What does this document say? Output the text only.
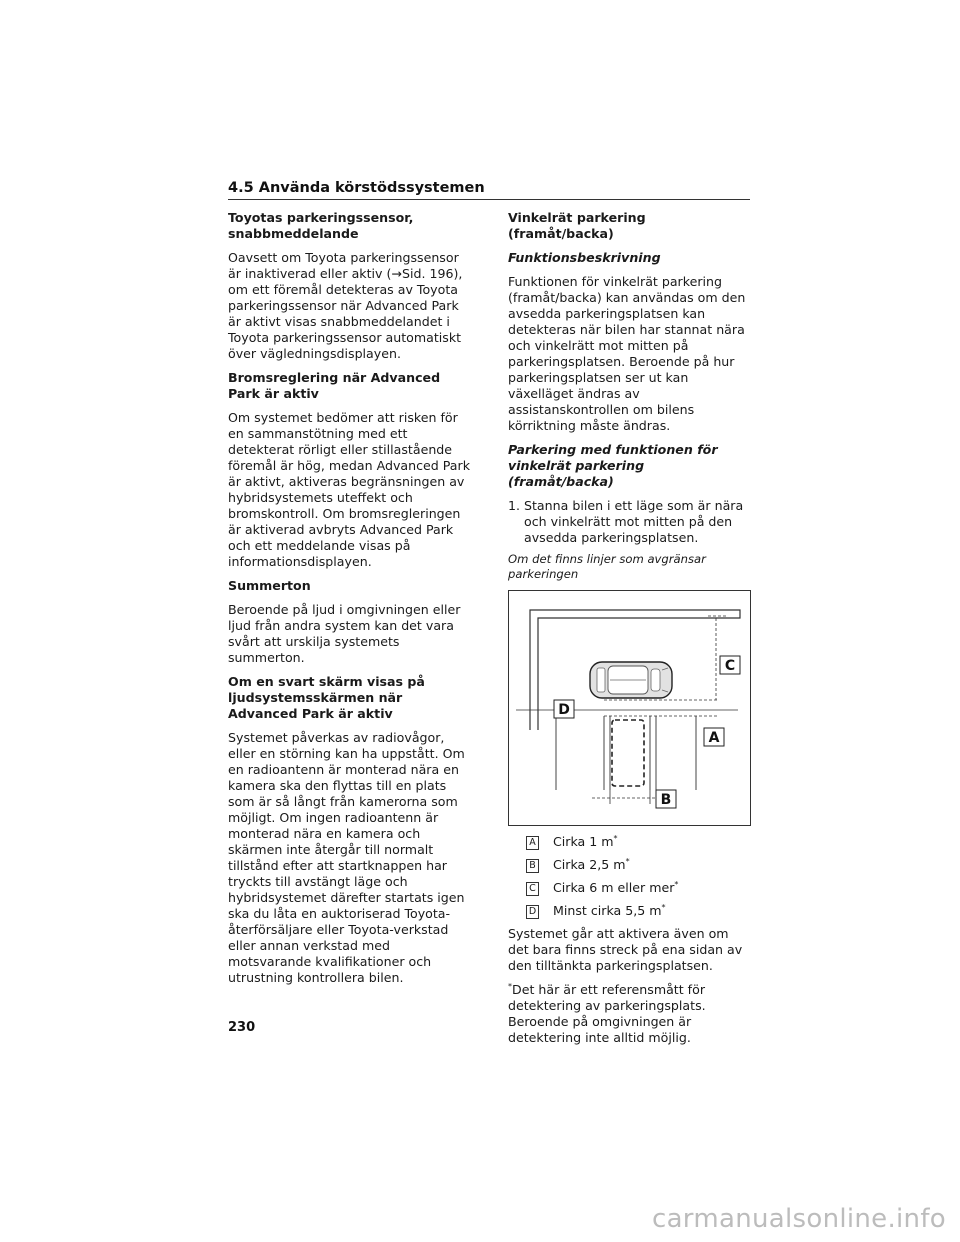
4.5 Använda körstödssystemen
Toyotas parkeringssensor, snabbmeddelande

Oavsett om Toyota parkeringssensor är inaktiverad eller aktiv (→Sid. 196), om ett föremål detekteras av Toyota parkeringssensor när Advanced Park är aktivt visas snabbmeddelandet i Toyota parkeringssensor automatiskt över vägledningsdisplayen.

Bromsreglering när Advanced Park är aktiv

Om systemet bedömer att risken för en sammanstötning med ett detekterat rörligt eller stillastående föremål är hög, medan Advanced Park är aktivt, aktiveras begränsningen av hybridsystemets uteffekt och bromskontroll. Om bromsregleringen är aktiverad avbryts Advanced Park och ett meddelande visas på informationsdisplayen.

Summerton

Beroende på ljud i omgivningen eller ljud från andra system kan det vara svårt att urskilja systemets summerton.

Om en svart skärm visas på ljudsystemsskärmen när Advanced Park är aktiv

Systemet påverkas av radiovågor, eller en störning kan ha uppstått. Om en radioantenn är monterad nära en kamera ska den flyttas till en plats som är så långt från kamerorna som möjligt. Om ingen radioantenn är monterad nära en kamera och skärmen inte återgår till normalt tillstånd efter att startknappen har tryckts till avstängt läge och hybridsystemet därefter startats igen ska du låta en auktoriserad Toyota-återförsäljare eller Toyota-verkstad eller annan verkstad med motsvarande kvalifikationer och utrustning kontrollera bilen.

Vinkelrät parkering (framåt/backa)
Funktionsbeskrivning

Funktionen för vinkelrät parkering (framåt/backa) kan användas om den avsedda parkeringsplatsen kan detekteras när bilen har stannat nära och vinkelrätt mot mitten på parkeringsplatsen. Beroende på hur parkeringsplatsen ser ut kan växelläget ändras av assistanskontrollen om bilens körriktning måste ändras.

Parkering med funktionen för vinkelrät parkering (framåt/backa)
1. Stanna bilen i ett läge som är nära och vinkelrätt mot mitten på den avsedda parkeringsplatsen.
Om det finns linjer som avgränsar parkeringen
C
D
A
B
A Cirka 1 m*
B Cirka 2,5 m*
C Cirka 6 m eller mer*
D Minst cirka 5,5 m*

Systemet går att aktivera även om det bara finns streck på ena sidan av den tilltänkta parkeringsplatsen.

*Det här är ett referensmått för detektering av parkeringsplats. Beroende på omgivningen är detektering inte alltid möjlig.

230
carmanualsonline.info
